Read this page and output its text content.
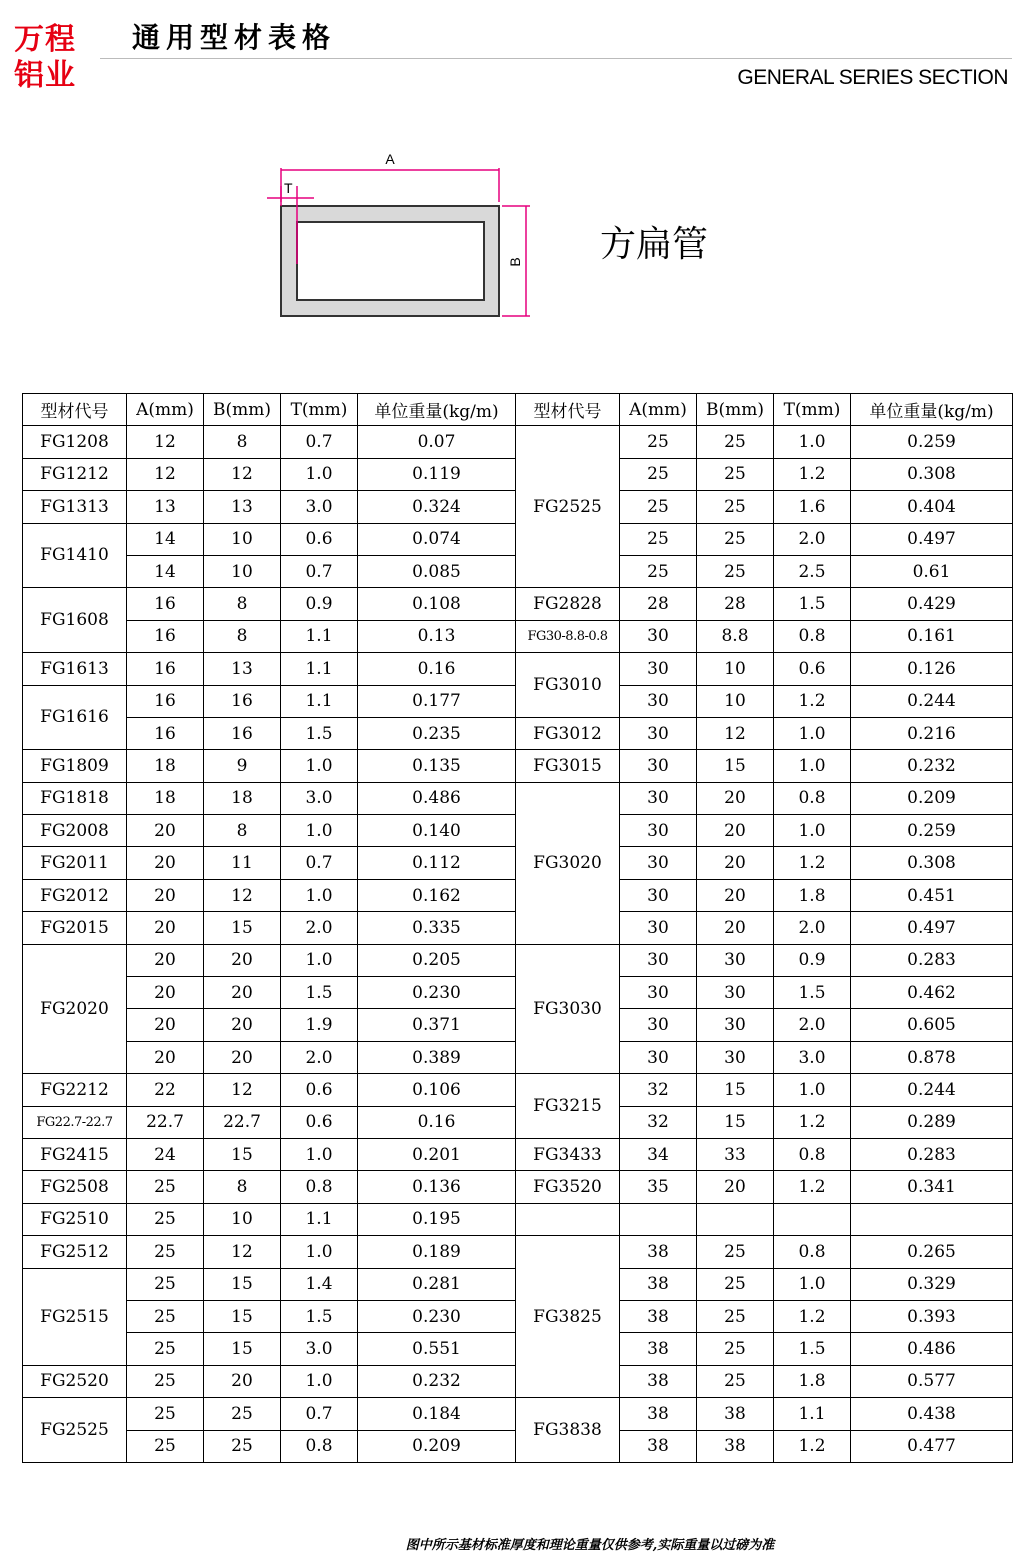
万程
铝业
通用型材表格
GENERAL SERIES SECTION
A
T
B 方扁管
型材代号	A(mm)	B(mm)	T(mm)	单位重量(kg/m)	型材代号	A(mm)	B(mm)	T(mm)	单位重量(kg/m)
FG1208	12	8	0.7	0.07	FG2525	25	25	1.0	0.259
FG1212	12	12	1.0	0.119		25	25	1.2	0.308
FG1313	13	13	3.0	0.324		25	25	1.6	0.404
FG1410	14	10	0.6	0.074		25	25	2.0	0.497
	14	10	0.7	0.085		25	25	2.5	0.61
FG1608	16	8	0.9	0.108	FG2828	28	28	1.5	0.429
	16	8	1.1	0.13	FG30-8.8-0.8	30	8.8	0.8	0.161
FG1613	16	13	1.1	0.16	FG3010	30	10	0.6	0.126
FG1616	16	16	1.1	0.177		30	10	1.2	0.244
	16	16	1.5	0.235	FG3012	30	12	1.0	0.216
FG1809	18	9	1.0	0.135	FG3015	30	15	1.0	0.232
FG1818	18	18	3.0	0.486	FG3020	30	20	0.8	0.209
FG2008	20	8	1.0	0.140		30	20	1.0	0.259
FG2011	20	11	0.7	0.112		30	20	1.2	0.308
FG2012	20	12	1.0	0.162		30	20	1.8	0.451
FG2015	20	15	2.0	0.335		30	20	2.0	0.497
FG2020	20	20	1.0	0.205	FG3030	30	30	0.9	0.283
	20	20	1.5	0.230		30	30	1.5	0.462
	20	20	1.9	0.371		30	30	2.0	0.605
	20	20	2.0	0.389		30	30	3.0	0.878
FG2212	22	12	0.6	0.106	FG3215	32	15	1.0	0.244
FG22.7-22.7	22.7	22.7	0.6	0.16		32	15	1.2	0.289
FG2415	24	15	1.0	0.201	FG3433	34	33	0.8	0.283
FG2508	25	8	0.8	0.136	FG3520	35	20	1.2	0.341
FG2510	25	10	1.1	0.195					
FG2512	25	12	1.0	0.189	FG3825	38	25	0.8	0.265
FG2515	25	15	1.4	0.281		38	25	1.0	0.329
	25	15	1.5	0.230		38	25	1.2	0.393
	25	15	3.0	0.551		38	25	1.5	0.486
FG2520	25	20	1.0	0.232		38	25	1.8	0.577
FG2525	25	25	0.7	0.184	FG3838	38	38	1.1	0.438
	25	25	0.8	0.209		38	38	1.2	0.477
图中所示基材标准厚度和理论重量仅供参考,实际重量以过磅为准
